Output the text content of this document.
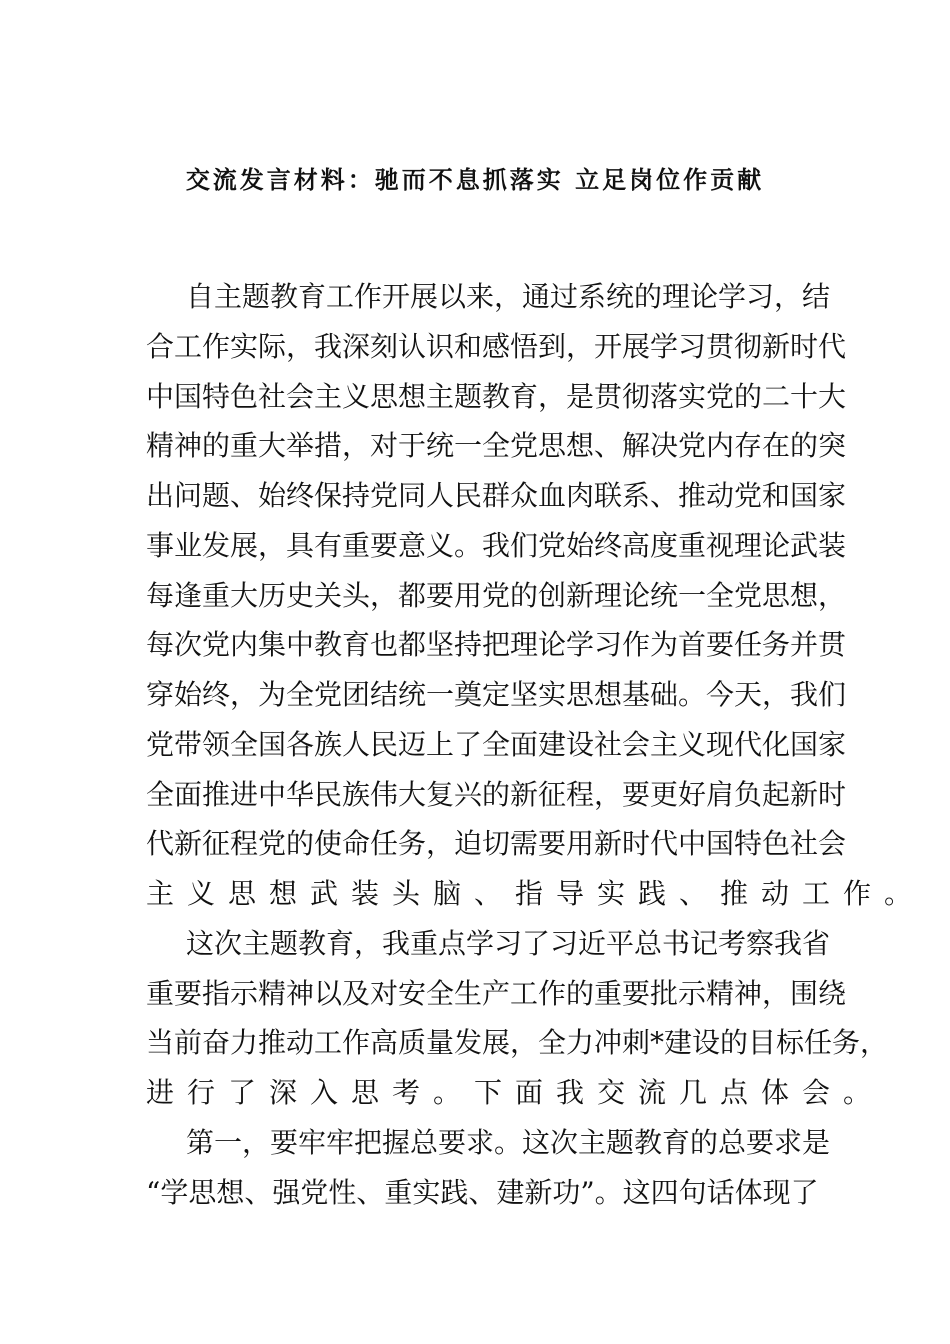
交流发言材料：驰而不息抓落实 立足岗位作贡献
自主题教育工作开展以来，通过系统的理论学习，结
合工作实际，我深刻认识和感悟到，开展学习贯彻新时代
中国特色社会主义思想主题教育，是贯彻落实党的二十大
精神的重大举措，对于统一全党思想、解决党内存在的突
出问题、始终保持党同人民群众血肉联系、推动党和国家
事业发展，具有重要意义。我们党始终高度重视理论武装
每逢重大历史关头，都要用党的创新理论统一全党思想，
每次党内集中教育也都坚持把理论学习作为首要任务并贯
穿始终，为全党团结统一奠定坚实思想基础。今天，我们
党带领全国各族人民迈上了全面建设社会主义现代化国家
全面推进中华民族伟大复兴的新征程，要更好肩负起新时
代新征程党的使命任务，迫切需要用新时代中国特色社会
主义思想武装头脑、指导实践、推动工作。
这次主题教育，我重点学习了习近平总书记考察我省
重要指示精神以及对安全生产工作的重要批示精神，围绕
当前奋力推动工作高质量发展，全力冲刺*建设的目标任务，
进行了深入思考。下面我交流几点体会。
第一，要牢牢把握总要求。这次主题教育的总要求是
“学思想、强党性、重实践、建新功”。这四句话体现了
